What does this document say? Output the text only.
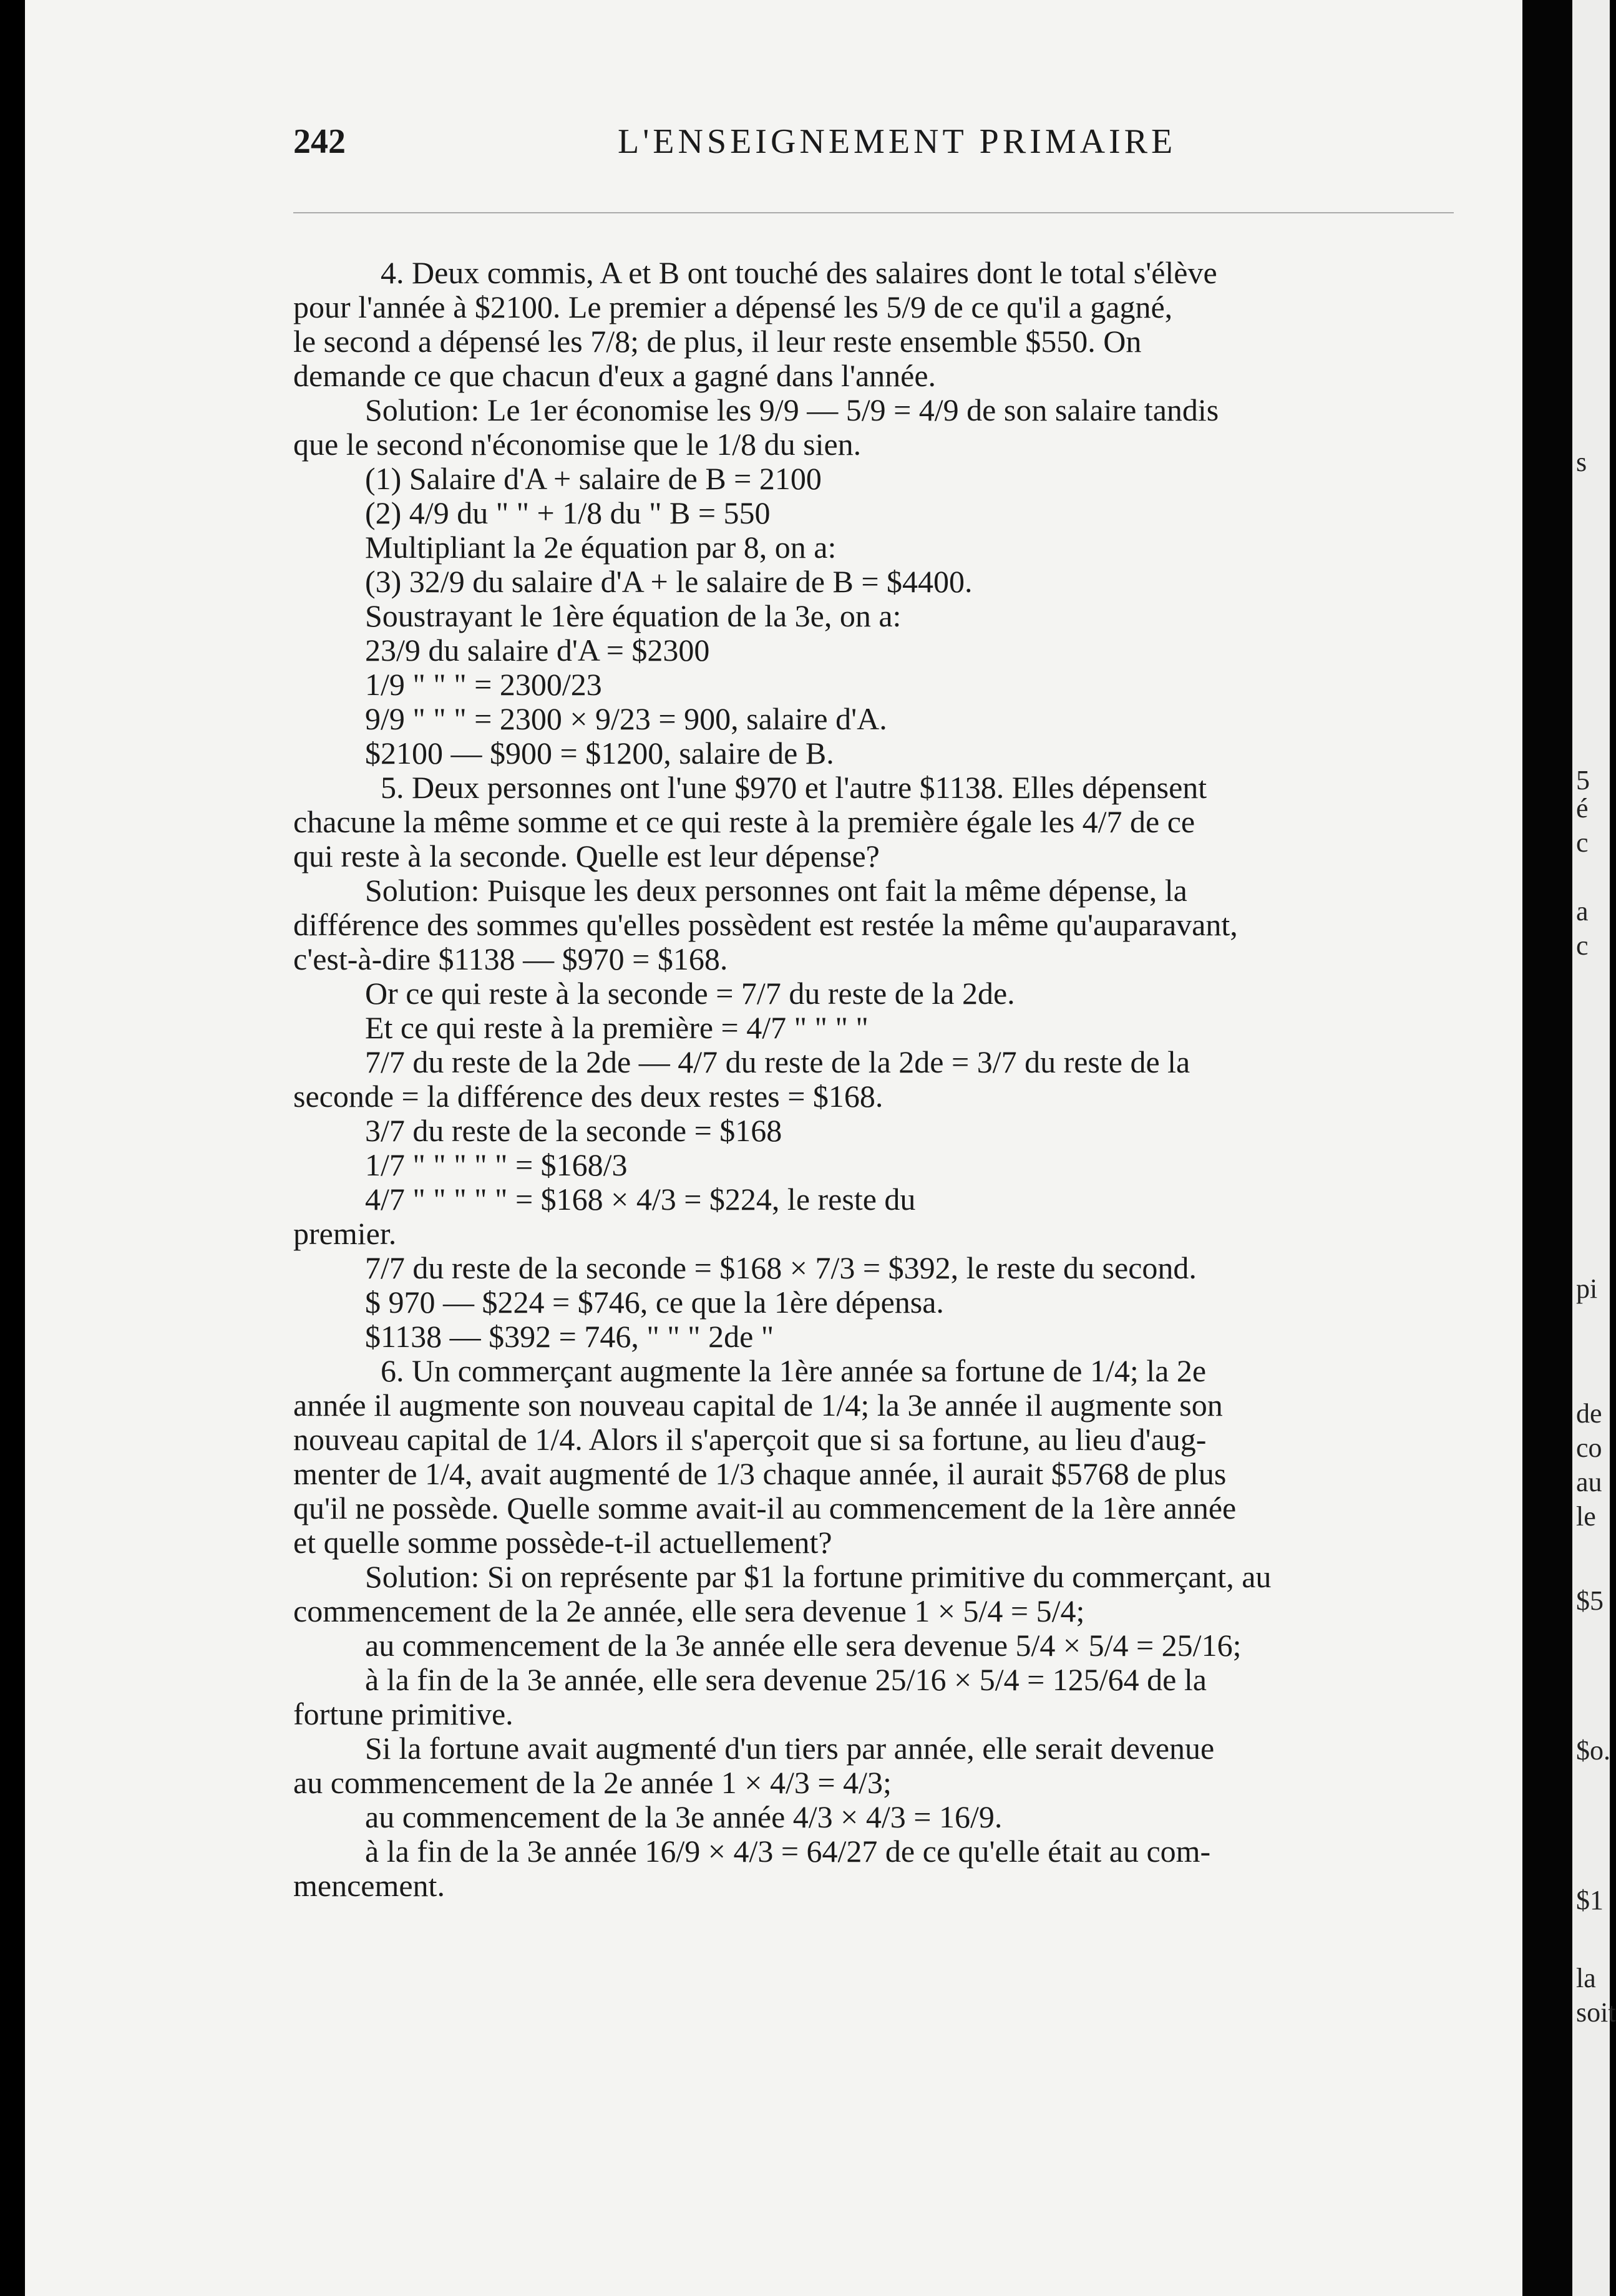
s
5
é
c
a
c
pi
de
co
au
le
$5
$o.
$1
la
soit
242	L'ENSEIGNEMENT PRIMAIRE

4. Deux commis, A et B ont touché des salaires dont le total s'élève

pour l'année à $2100. Le premier a dépensé les 5/9 de ce qu'il a gagné,

le second a dépensé les 7/8; de plus, il leur reste ensemble $550. On

demande ce que chacun d'eux a gagné dans l'année.

Solution: Le 1er économise les 9/9 — 5/9 = 4/9 de son salaire tandis

que le second n'économise que le 1/8 du sien.

(1) Salaire d'A + salaire de B = 2100

(2) 4/9 du " " + 1/8 du " B = 550

Multipliant la 2e équation par 8, on a:

(3) 32/9 du salaire d'A + le salaire de B = $4400.

Soustrayant le 1ère équation de la 3e, on a:

23/9 du salaire d'A = $2300

1/9 " " " = 2300/23

9/9 " " " = 2300 × 9/23 = 900, salaire d'A.

$2100 — $900 = $1200, salaire de B.

5. Deux personnes ont l'une $970 et l'autre $1138. Elles dépensent

chacune la même somme et ce qui reste à la première égale les 4/7 de ce

qui reste à la seconde. Quelle est leur dépense?

Solution: Puisque les deux personnes ont fait la même dépense, la

différence des sommes qu'elles possèdent est restée la même qu'auparavant,

c'est-à-dire $1138 — $970 = $168.

Or ce qui reste à la seconde = 7/7 du reste de la 2de.

Et ce qui reste à la première = 4/7 " " " "

7/7 du reste de la 2de — 4/7 du reste de la 2de = 3/7 du reste de la

seconde = la différence des deux restes = $168.

3/7 du reste de la seconde = $168

1/7 " " " " " = $168/3

4/7 " " " " " = $168 × 4/3 = $224, le reste du

premier.

7/7 du reste de la seconde = $168 × 7/3 = $392, le reste du second.

$ 970 — $224 = $746, ce que la 1ère dépensa.

$1138 — $392 = 746, " " " 2de "

6. Un commerçant augmente la 1ère année sa fortune de 1/4; la 2e

année il augmente son nouveau capital de 1/4; la 3e année il augmente son

nouveau capital de 1/4. Alors il s'aperçoit que si sa fortune, au lieu d'aug-

menter de 1/4, avait augmenté de 1/3 chaque année, il aurait $5768 de plus

qu'il ne possède. Quelle somme avait-il au commencement de la 1ère année

et quelle somme possède-t-il actuellement?

Solution: Si on représente par $1 la fortune primitive du commerçant, au

commencement de la 2e année, elle sera devenue 1 × 5/4 = 5/4;

au commencement de la 3e année elle sera devenue 5/4 × 5/4 = 25/16;

à la fin de la 3e année, elle sera devenue 25/16 × 5/4 = 125/64 de la

fortune primitive.

Si la fortune avait augmenté d'un tiers par année, elle serait devenue

au commencement de la 2e année 1 × 4/3 = 4/3;

au commencement de la 3e année 4/3 × 4/3 = 16/9.

à la fin de la 3e année 16/9 × 4/3 = 64/27 de ce qu'elle était au com-

mencement.
